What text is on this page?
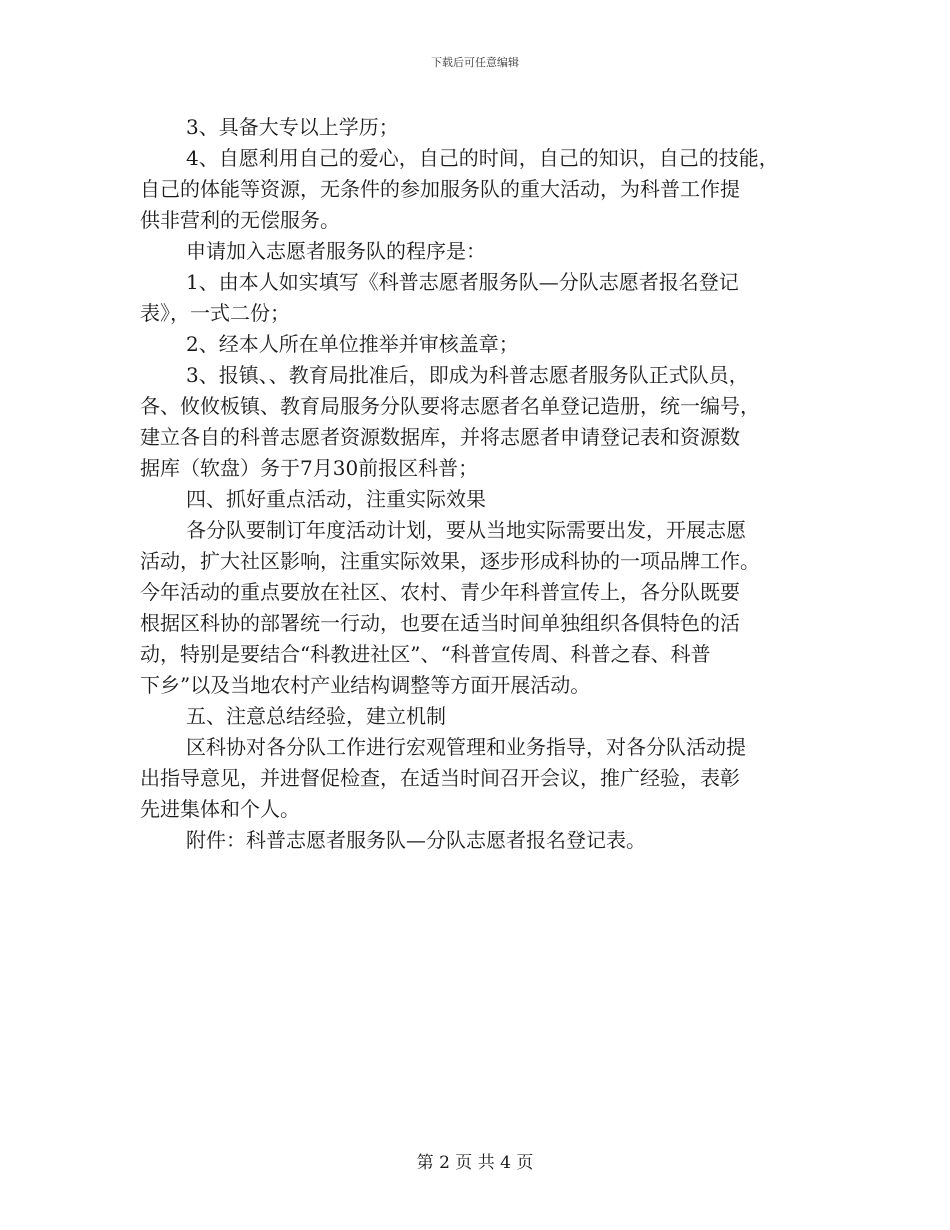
下载后可任意编辑
3、具备大专以上学历；
4、自愿利用自己的爱心，自己的时间，自己的知识，自己的技能，
自己的体能等资源，无条件的参加服务队的重大活动，为科普工作提
供非营利的无偿服务。
申请加入志愿者服务队的程序是：
1、由本人如实填写《科普志愿者服务队—分队志愿者报名登记
表》，一式二份；
2、经本人所在单位推举并审核盖章；
3、报镇、、教育局批准后，即成为科普志愿者服务队正式队员，
各、攸攸板镇、教育局服务分队要将志愿者名单登记造册，统一编号，
建立各自的科普志愿者资源数据库，并将志愿者申请登记表和资源数
据库（软盘）务于7月30前报区科普；
四、抓好重点活动，注重实际效果
各分队要制订年度活动计划，要从当地实际需要出发，开展志愿
活动，扩大社区影响，注重实际效果，逐步形成科协的一项品牌工作。
今年活动的重点要放在社区、农村、青少年科普宣传上，各分队既要
根据区科协的部署统一行动，也要在适当时间单独组织各俱特色的活
动，特别是要结合“科教进社区”、“科普宣传周、科普之春、科普
下乡”以及当地农村产业结构调整等方面开展活动。
五、注意总结经验，建立机制
区科协对各分队工作进行宏观管理和业务指导，对各分队活动提
出指导意见，并进督促检查，在适当时间召开会议，推广经验，表彰
先进集体和个人。
附件：科普志愿者服务队—分队志愿者报名登记表。
第 2 页 共 4 页
